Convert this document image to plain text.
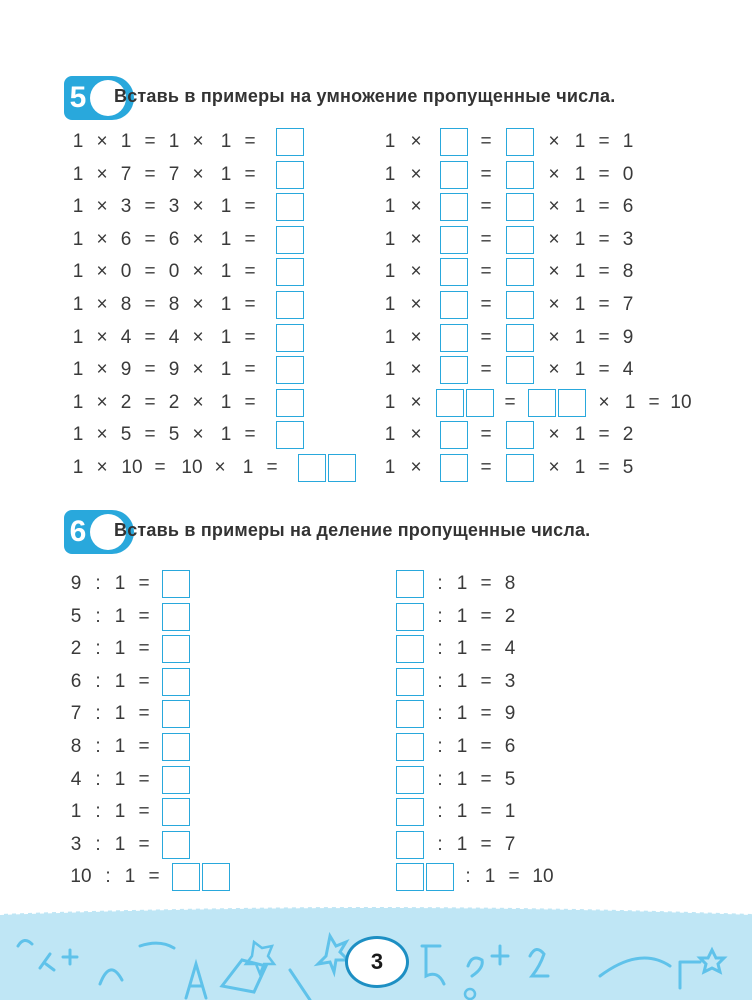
5	Вставь в примеры на умножение пропущенные числа.
1 × 1 = 1 × 1 =
1 × 7 = 7 × 1 =
1 × 3 = 3 × 1 =
1 × 6 = 6 × 1 =
1 × 0 = 0 × 1 =
1 × 8 = 8 × 1 =
1 × 4 = 4 × 1 =
1 × 9 = 9 × 1 =
1 × 2 = 2 × 1 =
1 × 5 = 5 × 1 =
1 × 10 = 10 × 1 =
1 ×	=	× 1 = 1
1 ×	=	× 1 = 0
1 ×	=	× 1 = 6
1 ×	=	× 1 = 3
1 ×	=	× 1 = 8
1 ×	=	× 1 = 7
1 ×	=	× 1 = 9
1 ×	=	× 1 = 4
1 ×	=	× 1 = 10
1 ×	=	× 1 = 2
1 ×	=	× 1 = 5
6	Вставь в примеры на деление пропущенные числа.
9 : 1 =
5 : 1 =
2 : 1 =
6 : 1 =
7 : 1 =
8 : 1 =
4 : 1 =
1 : 1 =
3 : 1 =
10 : 1 =
: 1 = 8
: 1 = 2
: 1 = 4
: 1 = 3
: 1 = 9
: 1 = 6
: 1 = 5
: 1 = 1
: 1 = 7
: 1 = 10
3
